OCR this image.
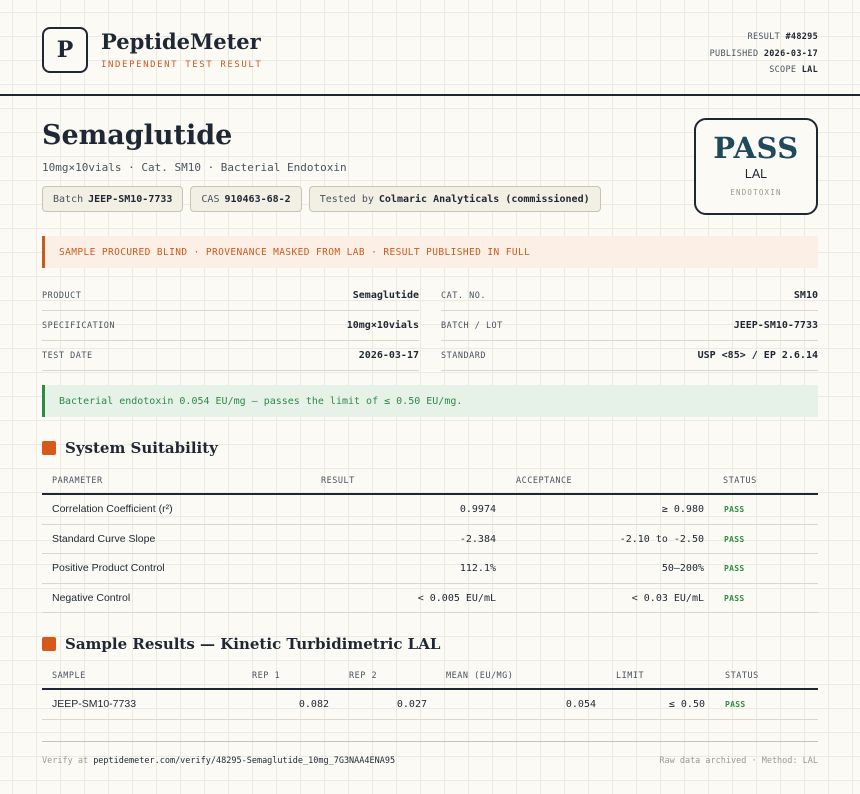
P	PeptideMeter
INDEPENDENT TEST RESULT
RESULT #48295
PUBLISHED 2026-03-17
SCOPE LAL
Semaglutide
10mg×10vials · Cat. SM10 · Bacterial Endotoxin
Batch JEEP-SM10-7733	CAS 910463-68-2	Tested by Colmaric Analyticals (commissioned)
PASS
LAL
ENDOTOXIN
SAMPLE PROCURED BLIND · PROVENANCE MASKED FROM LAB · RESULT PUBLISHED IN FULL
PRODUCT	Semaglutide
SPECIFICATION	10mg×10vials
TEST DATE	2026-03-17
CAT. NO.	SM10
BATCH / LOT	JEEP-SM10-7733
STANDARD	USP <85> / EP 2.6.14
Bacterial endotoxin 0.054 EU/mg — passes the limit of ≤ 0.50 EU/mg.
System Suitability
PARAMETER	RESULT	ACCEPTANCE	STATUS
Correlation Coefficient (r²)	0.9974	≥ 0.980	PASS
Standard Curve Slope	-2.384	-2.10 to -2.50	PASS
Positive Product Control	112.1%	50–200%	PASS
Negative Control	< 0.005 EU/mL	< 0.03 EU/mL	PASS
Sample Results — Kinetic Turbidimetric LAL
SAMPLE	REP 1	REP 2	MEAN (EU/MG)	LIMIT	STATUS
JEEP-SM10-7733	0.082	0.027	0.054	≤ 0.50	PASS
Verify at peptidemeter.com/verify/48295-Semaglutide_10mg_7G3NAA4ENA95	Raw data archived · Method: LAL
